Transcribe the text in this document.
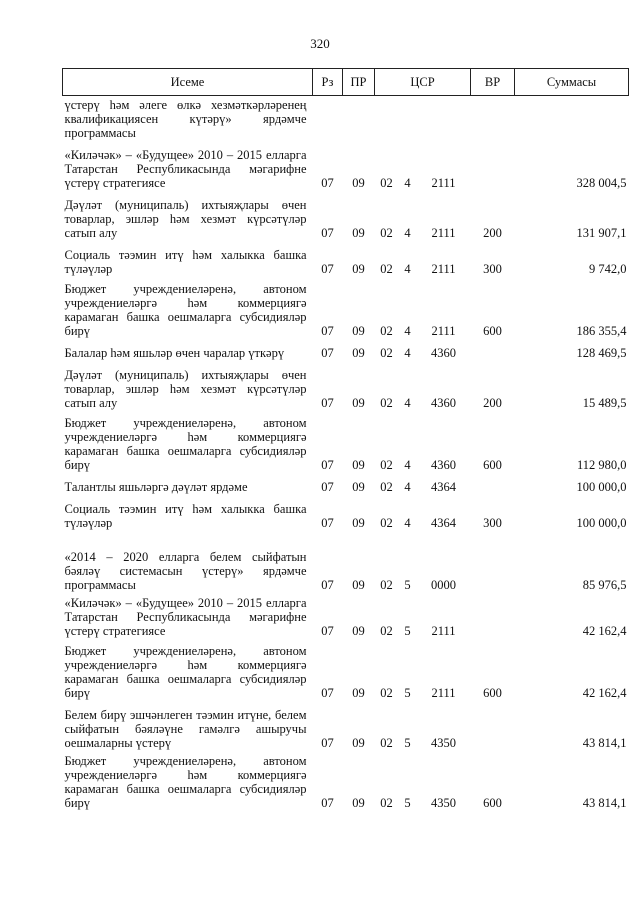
320
Исеме	Рз	ПР	ЦСР			ВР	Суммасы
үстерү һәм әлеге өлкә хезмәткәрләренең квалификациясен күтәрү» ярдәмче программасы							
«Киләчәк» – «Будущее» 2010 – 2015 елларга Татарстан Республикасында мәгарифне үстерү стратегиясе	07	09	02	4	2111		328 004,5
Дәүләт (муниципаль) ихтыяҗлары өчен товарлар, эшләр һәм хезмәт күрсәтүләр сатып алу	07	09	02	4	2111	200	131 907,1
Социаль тәэмин итү һәм халыкка башка түләүләр	07	09	02	4	2111	300	9 742,0
Бюджет учреждениеләренә, автоном учреждениеләргә һәм коммерциягә карамаган башка оешмаларга субсидияләр бирү	07	09	02	4	2111	600	186 355,4
Балалар һәм яшьләр өчен чаралар үткәрү	07	09	02	4	4360		128 469,5
Дәүләт (муниципаль) ихтыяҗлары өчен товарлар, эшләр һәм хезмәт күрсәтүләр сатып алу	07	09	02	4	4360	200	15 489,5
Бюджет учреждениеләренә, автоном учреждениеләргә һәм коммерциягә карамаган башка оешмаларга субсидияләр бирү	07	09	02	4	4360	600	112 980,0
Талантлы яшьләргә дәүләт ярдәме	07	09	02	4	4364		100 000,0
Социаль тәэмин итү һәм халыкка башка түләүләр	07	09	02	4	4364	300	100 000,0
«2014 – 2020 елларга белем сыйфатын бәяләү системасын үстерү» ярдәмче программасы	07	09	02	5	0000		85 976,5
«Киләчәк» – «Будущее» 2010 – 2015 елларга Татарстан Республикасында мәгарифне үстерү стратегиясе	07	09	02	5	2111		42 162,4
Бюджет учреждениеләренә, автоном учреждениеләргә һәм коммерциягә карамаган башка оешмаларга субсидияләр бирү	07	09	02	5	2111	600	42 162,4
Белем бирү эшчәнлеген тәэмин итүне, белем сыйфатын бәяләүне гамәлгә ашыручы оешмаларны үстерү	07	09	02	5	4350		43 814,1
Бюджет учреждениеләренә, автоном учреждениеләргә һәм коммерциягә карамаган башка оешмаларга субсидияләр бирү	07	09	02	5	4350	600	43 814,1
